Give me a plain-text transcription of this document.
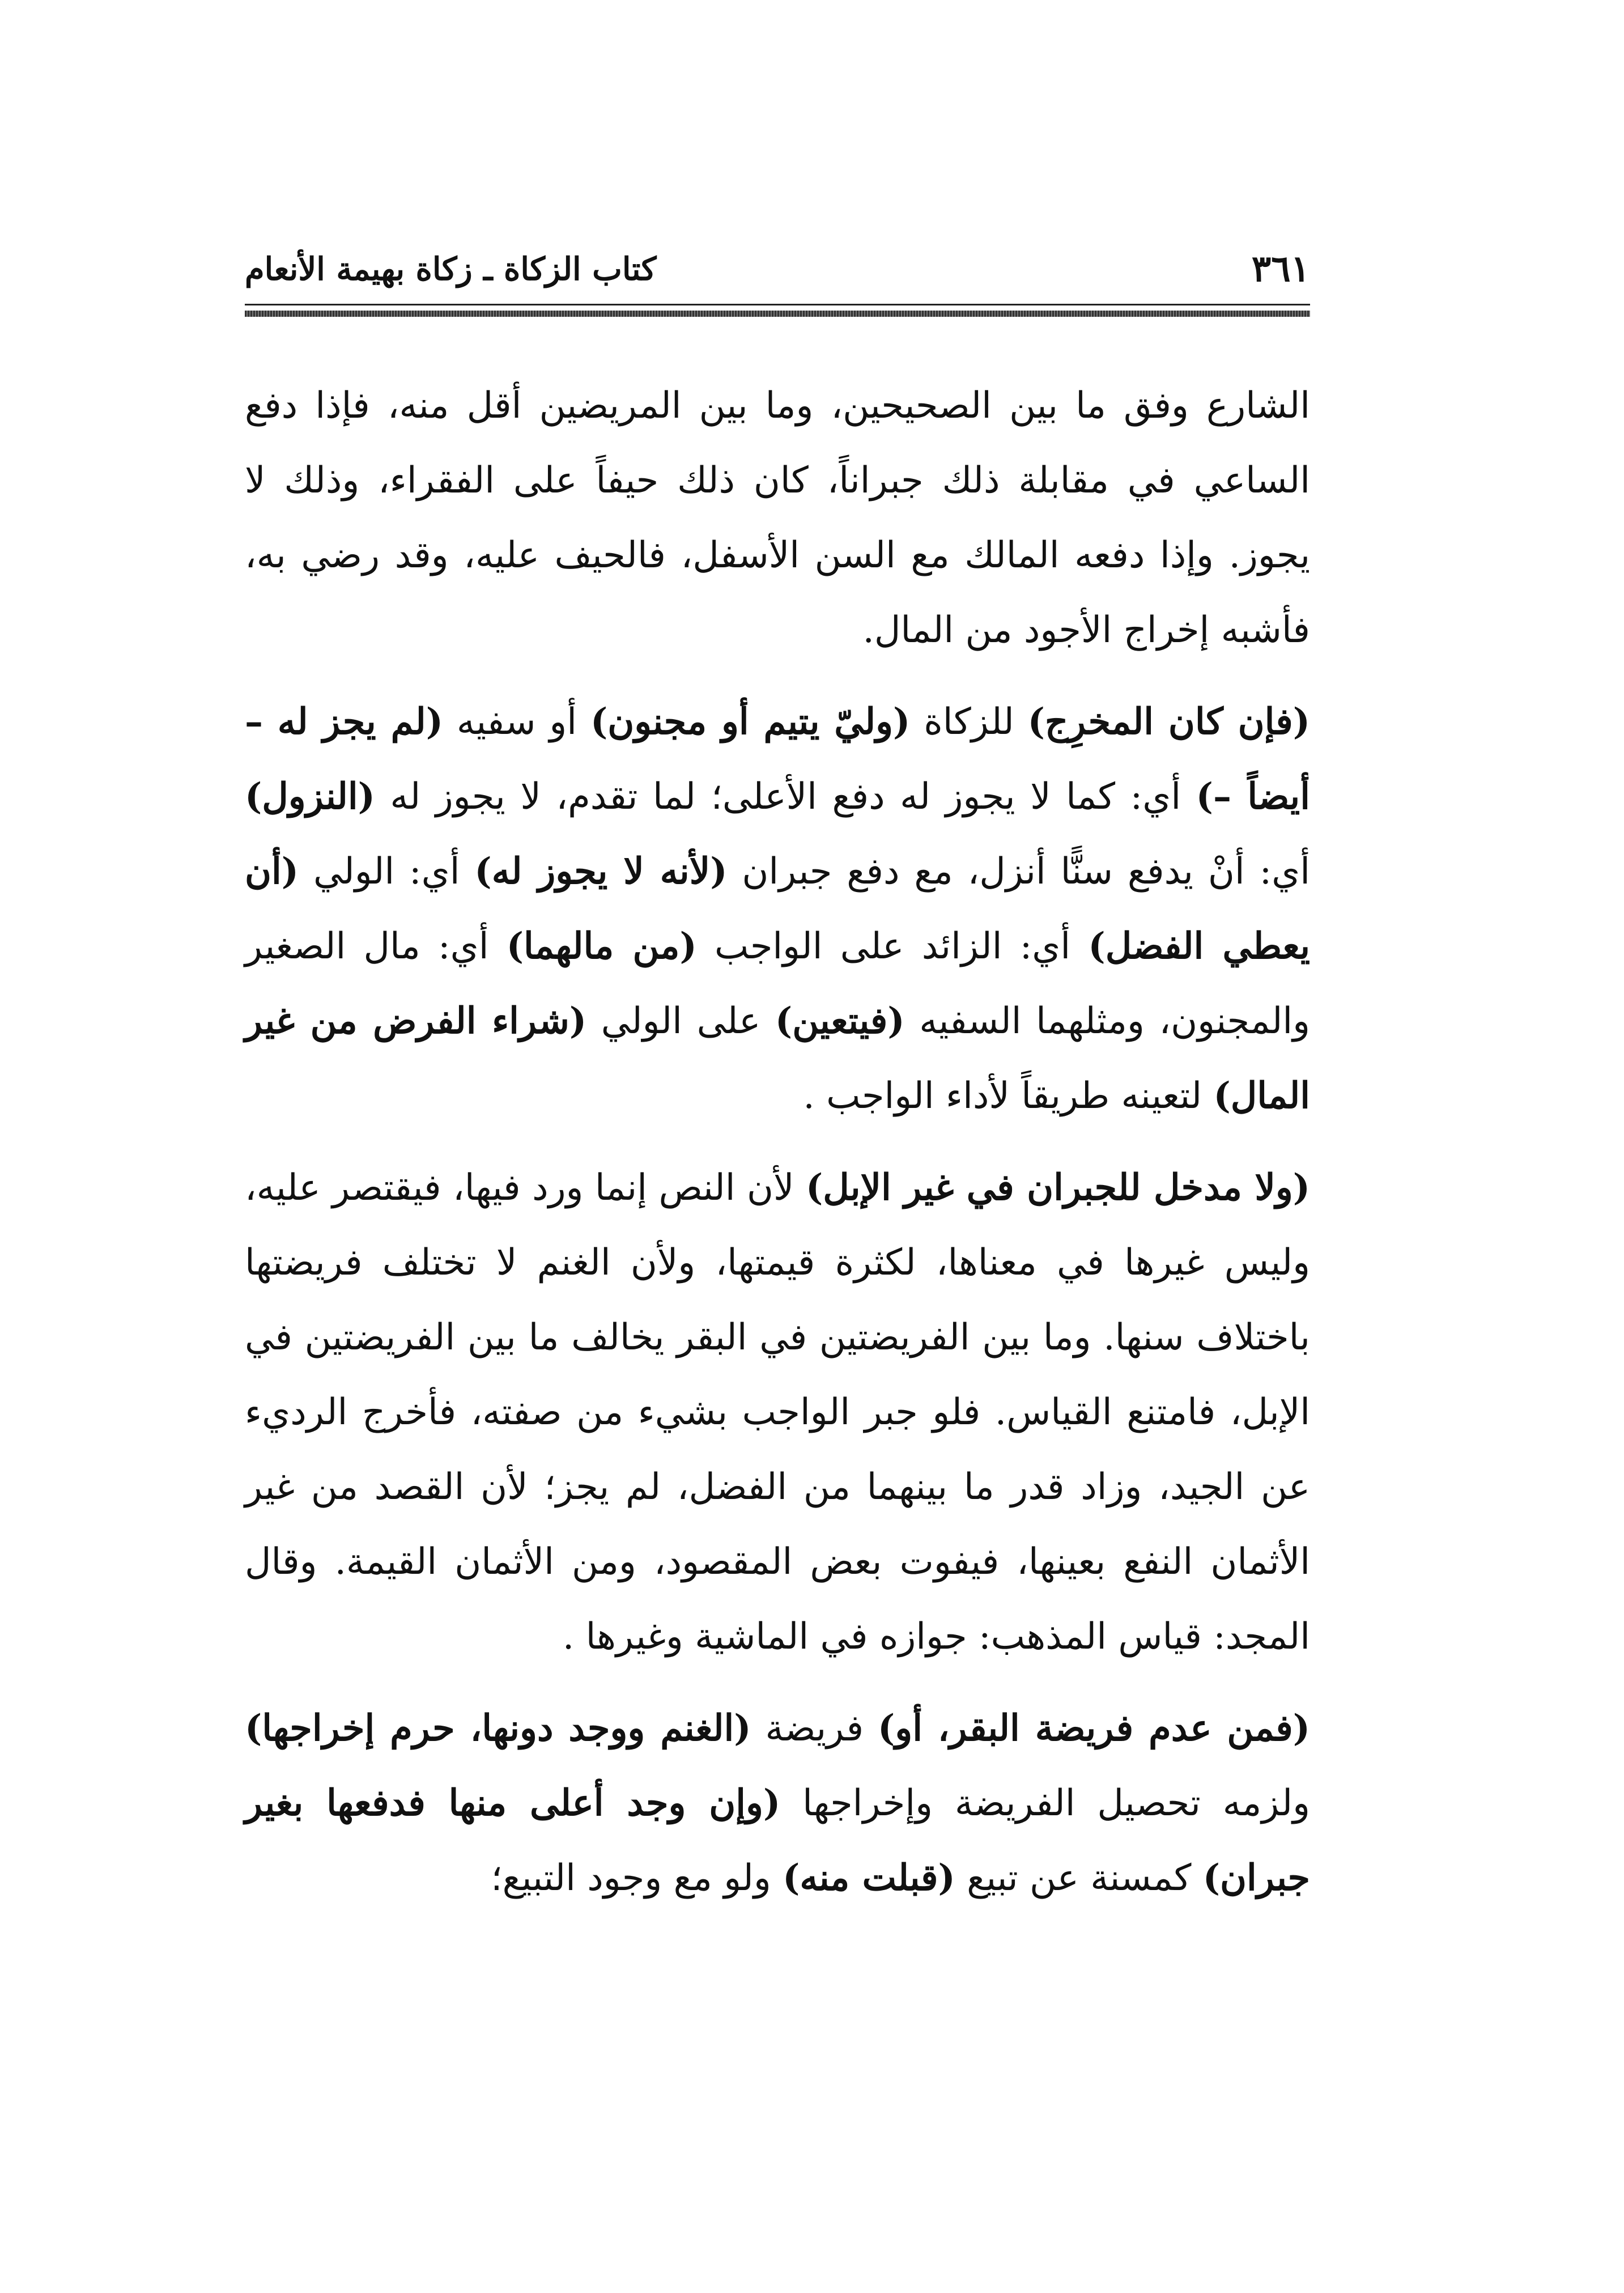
٣٦١
كتاب الزكاة ـ زكاة بهيمة الأنعام

الشارع وفق ما بين الصحيحين، وما بين المريضين أقل منه، فإذا دفع الساعي في مقابلة ذلك جبراناً، كان ذلك حيفاً على الفقراء، وذلك لا يجوز. وإذا دفعه المالك مع السن الأسفل، فالحيف عليه، وقد رضي به، فأشبه إخراج الأجود من المال.

(فإن كان المخرِج) للزكاة (وليّ يتيم أو مجنون) أو سفيه (لم يجز له – أيضاً –) أي: كما لا يجوز له دفع الأعلى؛ لما تقدم، لا يجوز له (النزول) أي: أنْ يدفع سنًّا أنزل، مع دفع جبران (لأنه لا يجوز له) أي: الولي (أن يعطي الفضل) أي: الزائد على الواجب (من مالهما) أي: مال الصغير والمجنون، ومثلهما السفيه (فيتعين) على الولي (شراء الفرض من غير المال) لتعينه طريقاً لأداء الواجب .

(ولا مدخل للجبران في غير الإبل) لأن النص إنما ورد فيها، فيقتصر عليه، وليس غيرها في معناها، لكثرة قيمتها، ولأن الغنم لا تختلف فريضتها باختلاف سنها. وما بين الفريضتين في البقر يخالف ما بين الفريضتين في الإبل، فامتنع القياس. فلو جبر الواجب بشيء من صفته، فأخرج الرديء عن الجيد، وزاد قدر ما بينهما من الفضل، لم يجز؛ لأن القصد من غير الأثمان النفع بعينها، فيفوت بعض المقصود، ومن الأثمان القيمة. وقال المجد: قياس المذهب: جوازه في الماشية وغيرها .

(فمن عدم فريضة البقر، أو) فريضة (الغنم ووجد دونها، حرم إخراجها) ولزمه تحصيل الفريضة وإخراجها (وإن وجد أعلى منها فدفعها بغير جبران) كمسنة عن تبيع (قبلت منه) ولو مع وجود التبيع؛
